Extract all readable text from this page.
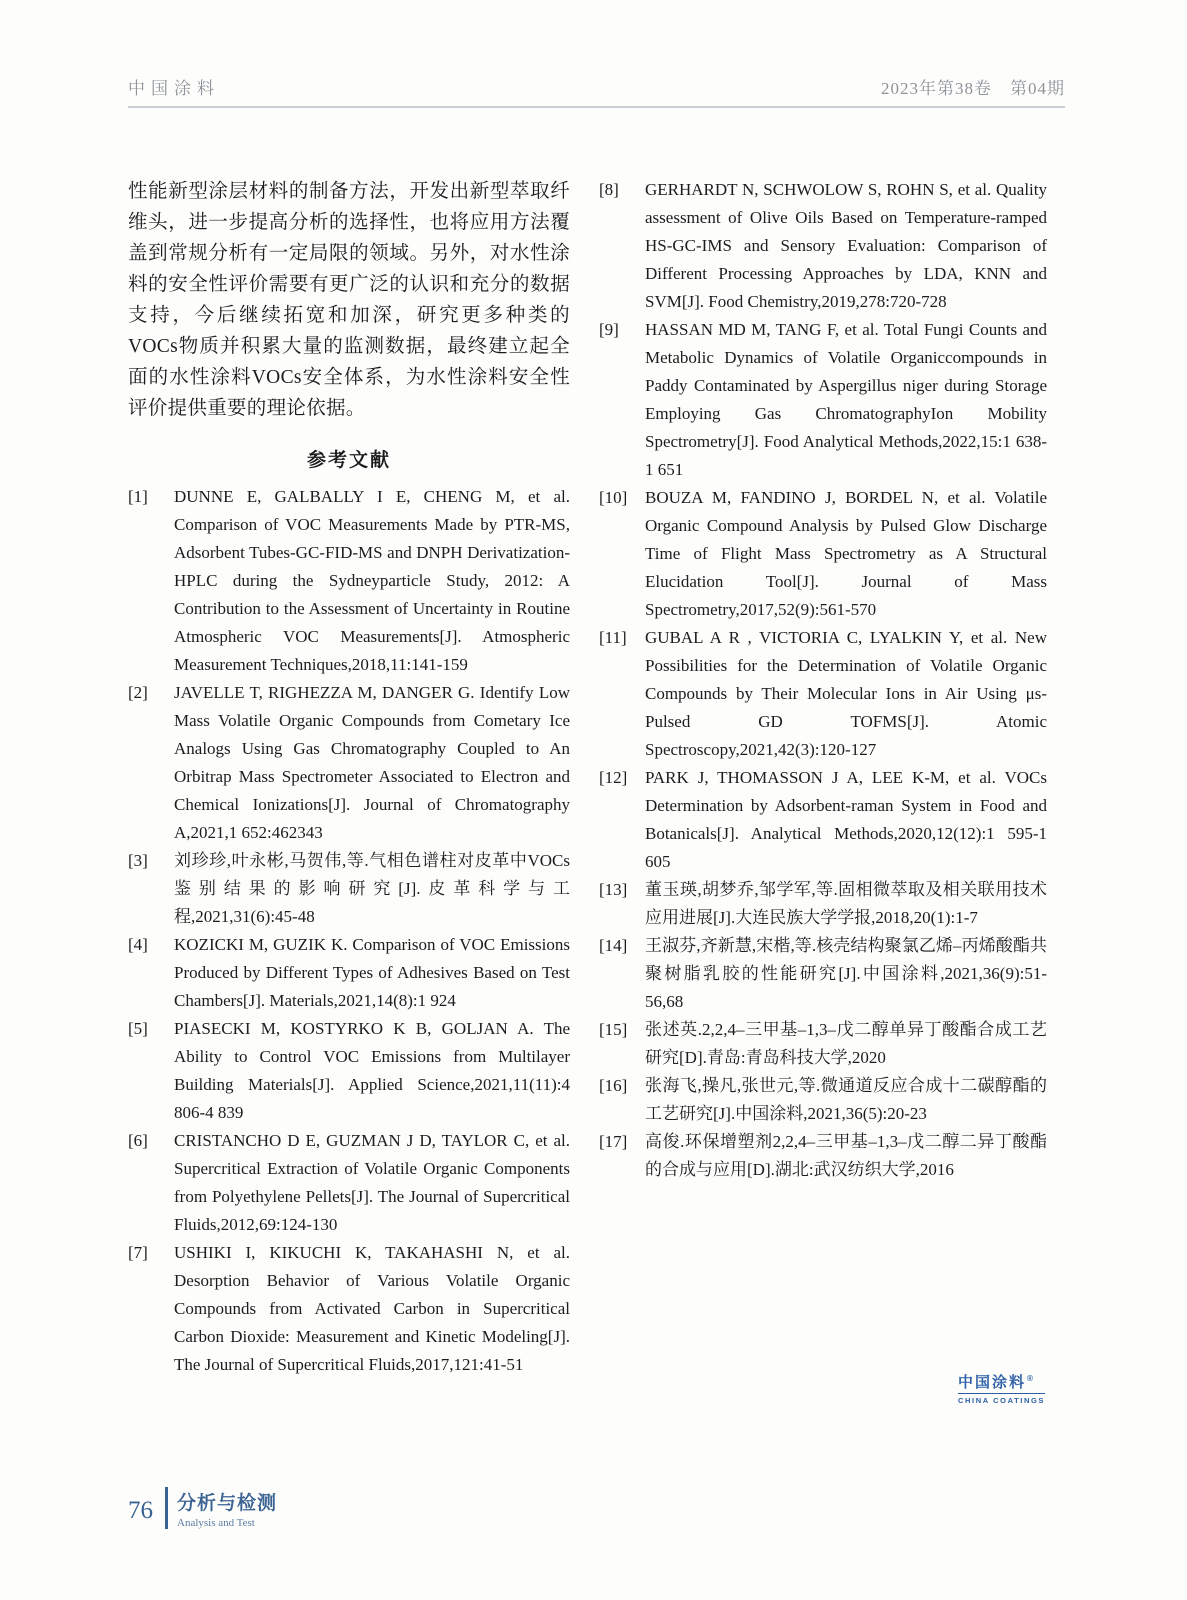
中国涂料	2023年第38卷　第04期

性能新型涂层材料的制备方法，开发出新型萃取纤维头，进一步提高分析的选择性，也将应用方法覆盖到常规分析有一定局限的领域。另外，对水性涂料的安全性评价需要有更广泛的认识和充分的数据支持，今后继续拓宽和加深，研究更多种类的VOCs物质并积累大量的监测数据，最终建立起全面的水性涂料VOCs安全体系，为水性涂料安全性评价提供重要的理论依据。

参考文献
[1] DUNNE E, GALBALLY I E, CHENG M, et al. Comparison of VOC Measurements Made by PTR-MS, Adsorbent Tubes-GC-FID-MS and DNPH Derivatization-HPLC during the Sydneyparticle Study, 2012: A Contribution to the Assessment of Uncertainty in Routine Atmospheric VOC Measurements[J]. Atmospheric Measurement Techniques,2018,11:141-159
[2] JAVELLE T, RIGHEZZA M, DANGER G. Identify Low Mass Volatile Organic Compounds from Cometary Ice Analogs Using Gas Chromatography Coupled to An Orbitrap Mass Spectrometer Associated to Electron and Chemical Ionizations[J]. Journal of Chromatography A,2021,1 652:462343
[3] 刘珍珍,叶永彬,马贺伟,等.气相色谱柱对皮革中VOCs鉴别结果的影响研究[J].皮革科学与工程,2021,31(6):45-48
[4] KOZICKI M, GUZIK K. Comparison of VOC Emissions Produced by Different Types of Adhesives Based on Test Chambers[J]. Materials,2021,14(8):1 924
[5] PIASECKI M, KOSTYRKO K B, GOLJAN A. The Ability to Control VOC Emissions from Multilayer Building Materials[J]. Applied Science,2021,11(11):4 806-4 839
[6] CRISTANCHO D E, GUZMAN J D, TAYLOR C, et al. Supercritical Extraction of Volatile Organic Components from Polyethylene Pellets[J]. The Journal of Supercritical Fluids,2012,69:124-130
[7] USHIKI I, KIKUCHI K, TAKAHASHI N, et al. Desorption Behavior of Various Volatile Organic Compounds from Activated Carbon in Supercritical Carbon Dioxide: Measurement and Kinetic Modeling[J]. The Journal of Supercritical Fluids,2017,121:41-51
[8] GERHARDT N, SCHWOLOW S, ROHN S, et al. Quality assessment of Olive Oils Based on Temperature-ramped HS-GC-IMS and Sensory Evaluation: Comparison of Different Processing Approaches by LDA, KNN and SVM[J]. Food Chemistry,2019,278:720-728
[9] HASSAN MD M, TANG F, et al. Total Fungi Counts and Metabolic Dynamics of Volatile Organiccompounds in Paddy Contaminated by Aspergillus niger during Storage Employing Gas ChromatographyIon Mobility Spectrometry[J]. Food Analytical Methods,2022,15:1 638-1 651
[10] BOUZA M, FANDINO J, BORDEL N, et al. Volatile Organic Compound Analysis by Pulsed Glow Discharge Time of Flight Mass Spectrometry as A Structural Elucidation Tool[J]. Journal of Mass Spectrometry,2017,52(9):561-570
[11] GUBAL A R , VICTORIA C, LYALKIN Y, et al. New Possibilities for the Determination of Volatile Organic Compounds by Their Molecular Ions in Air Using μs-Pulsed GD TOFMS[J]. Atomic Spectroscopy,2021,42(3):120-127
[12] PARK J, THOMASSON J A, LEE K-M, et al. VOCs Determination by Adsorbent-raman System in Food and Botanicals[J]. Analytical Methods,2020,12(12):1 595-1 605
[13] 董玉瑛,胡梦乔,邹学军,等.固相微萃取及相关联用技术应用进展[J].大连民族大学学报,2018,20(1):1-7
[14] 王淑芬,齐新慧,宋楷,等.核壳结构聚氯乙烯–丙烯酸酯共聚树脂乳胶的性能研究[J].中国涂料,2021,36(9):51-56,68
[15] 张述英.2,2,4–三甲基–1,3–戊二醇单异丁酸酯合成工艺研究[D].青岛:青岛科技大学,2020
[16] 张海飞,操凡,张世元,等.微通道反应合成十二碳醇酯的工艺研究[J].中国涂料,2021,36(5):20-23
[17] 高俊.环保增塑剂2,2,4–三甲基–1,3–戊二醇二异丁酸酯的合成与应用[D].湖北:武汉纺织大学,2016
中国涂料®
CHINA COATINGS
76 分析与检测
Analysis and Test
